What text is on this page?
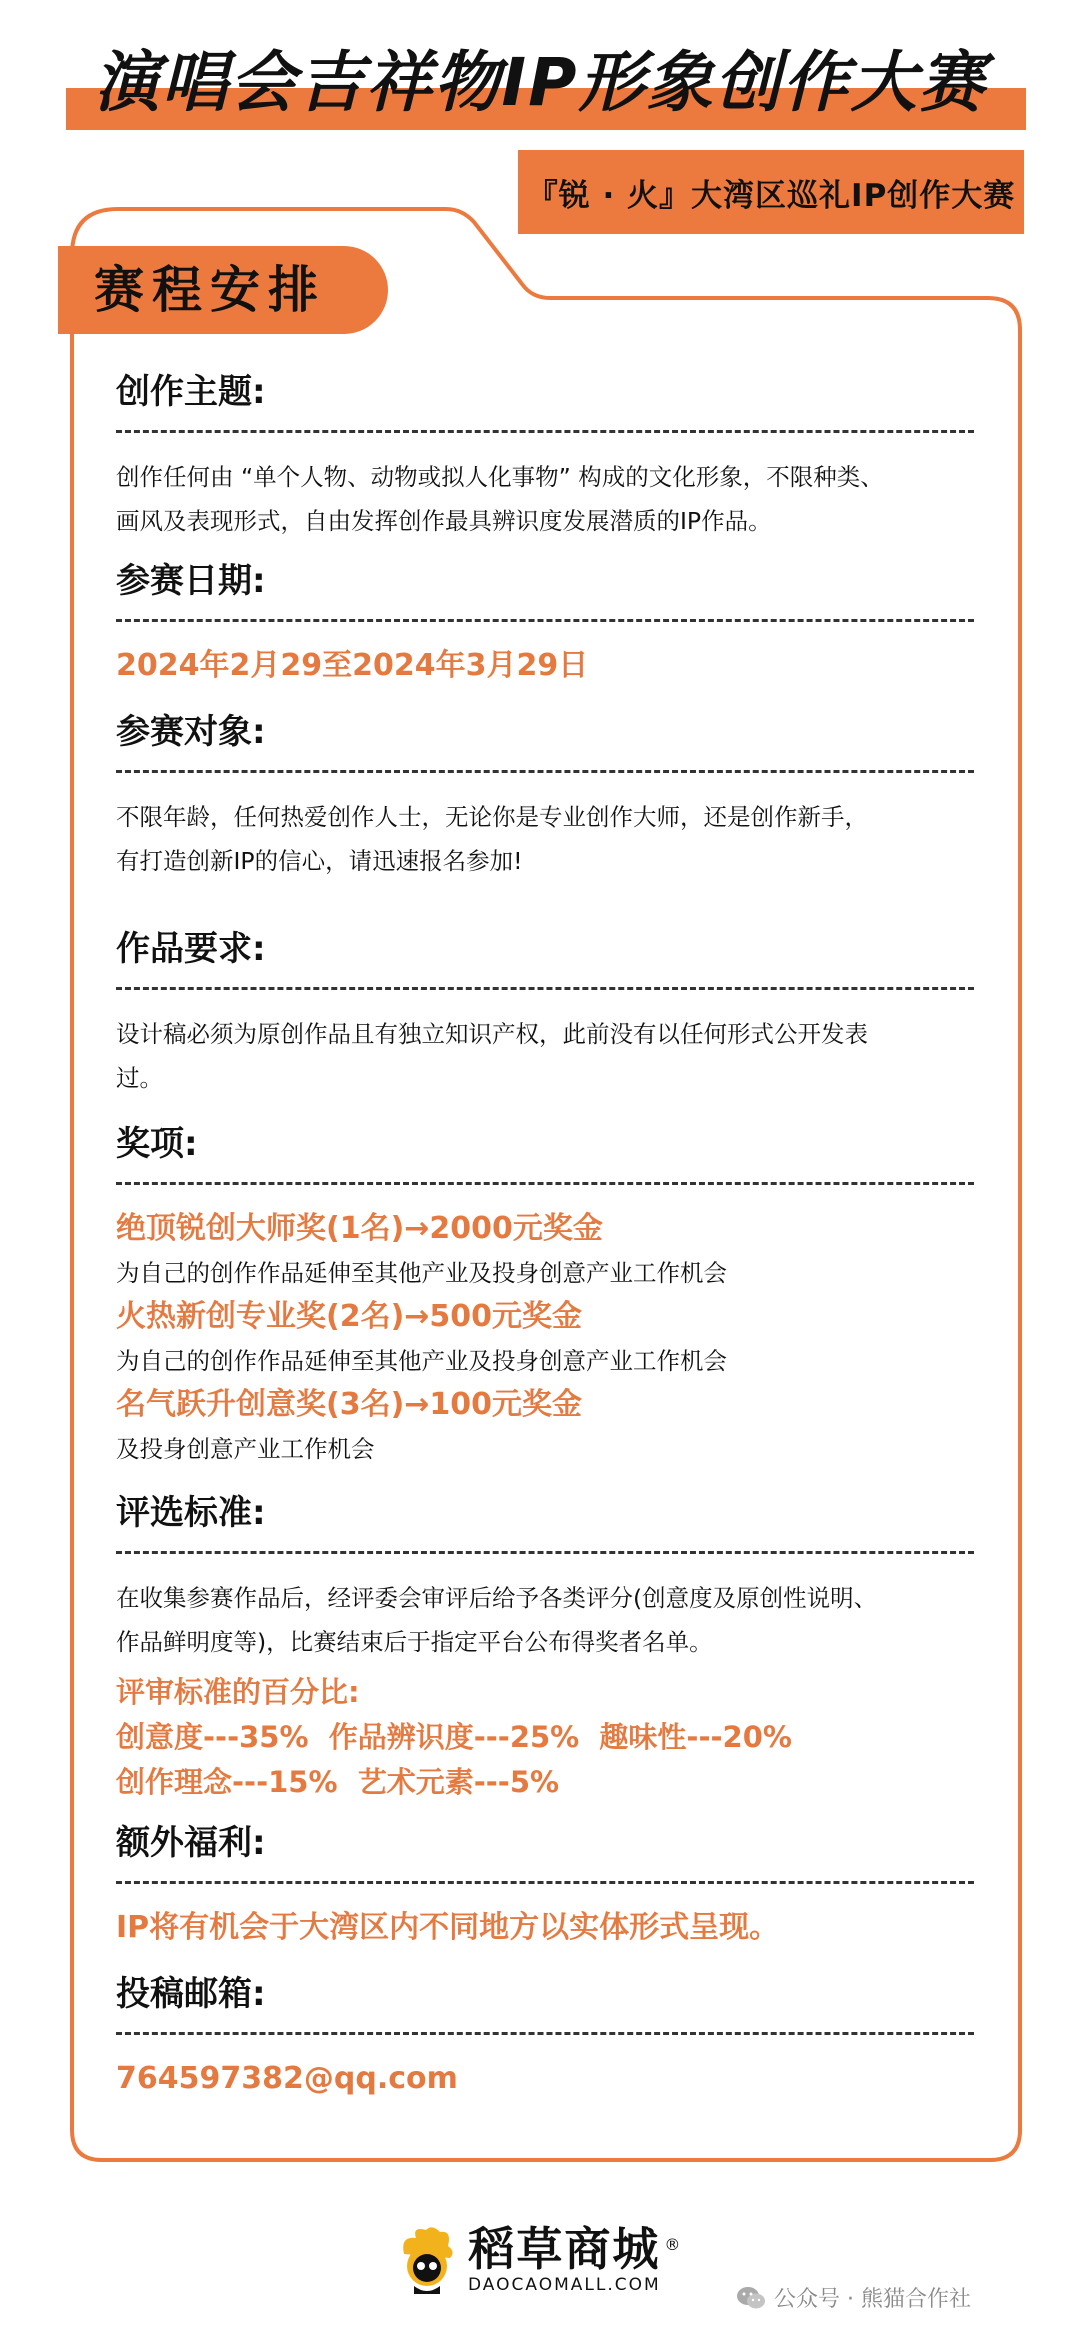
演唱会吉祥物IP形象创作大赛
『锐 · 火』大湾区巡礼IP创作大赛
赛程安排
创作主题:
创作任何由 “单个人物、动物或拟人化事物” 构成的文化形象，不限种类、
画风及表现形式，自由发挥创作最具辨识度发展潜质的IP作品。
参赛日期:
2024年2月29至2024年3月29日
参赛对象:
不限年龄，任何热爱创作人士，无论你是专业创作大师，还是创作新手，
有打造创新IP的信心，请迅速报名参加!
作品要求:
设计稿必须为原创作品且有独立知识产权，此前没有以任何形式公开发表
过。
奖项:
绝顶锐创大师奖(1名)→2000元奖金
为自己的创作作品延伸至其他产业及投身创意产业工作机会
火热新创专业奖(2名)→500元奖金
为自己的创作作品延伸至其他产业及投身创意产业工作机会
名气跃升创意奖(3名)→100元奖金
及投身创意产业工作机会
评选标准:
在收集参赛作品后，经评委会审评后给予各类评分(创意度及原创性说明、
作品鲜明度等)，比赛结束后于指定平台公布得奖者名单。
评审标准的百分比:
创意度---35%  作品辨识度---25%  趣味性---20%
创作理念---15%  艺术元素---5%
额外福利:
IP将有机会于大湾区内不同地方以实体形式呈现。
投稿邮箱:
764597382@qq.com
稻草商城 ®
DAOCAOMALL.COM
公众号 · 熊猫合作社
